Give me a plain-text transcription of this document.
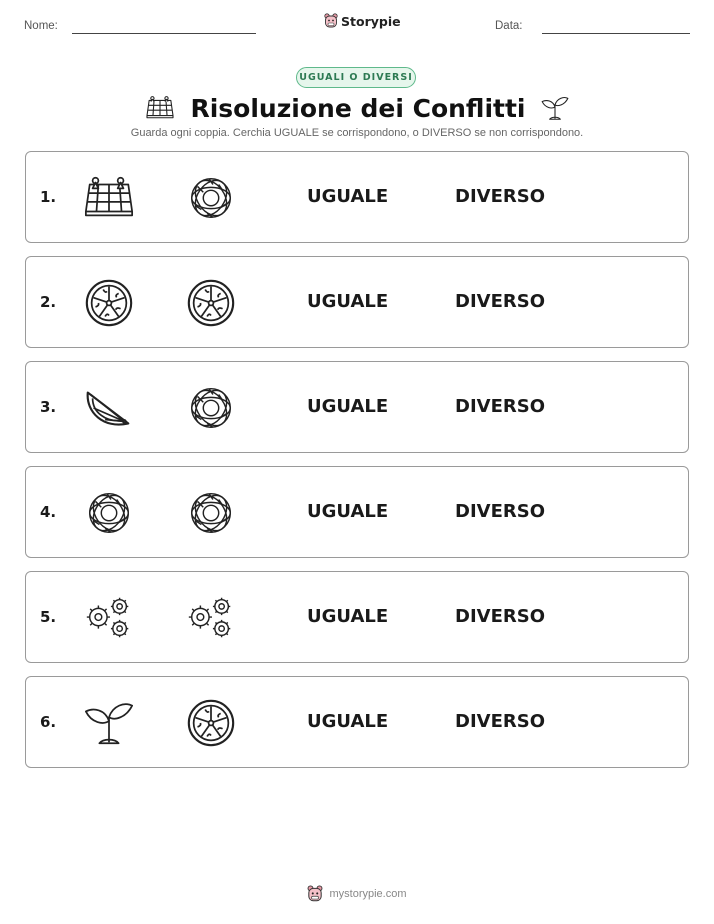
Nome:	Storypie	Data:
UGUALI O DIVERSI
Risoluzione dei Conflitti
Guarda ogni coppia. Cerchia UGUALE se corrispondono, o DIVERSO se non corrispondono.
1.	UGUALE	DIVERSO
2.	UGUALE	DIVERSO
3.	UGUALE	DIVERSO
4.	UGUALE	DIVERSO
5.	UGUALE	DIVERSO
6.	UGUALE	DIVERSO
mystorypie.com
